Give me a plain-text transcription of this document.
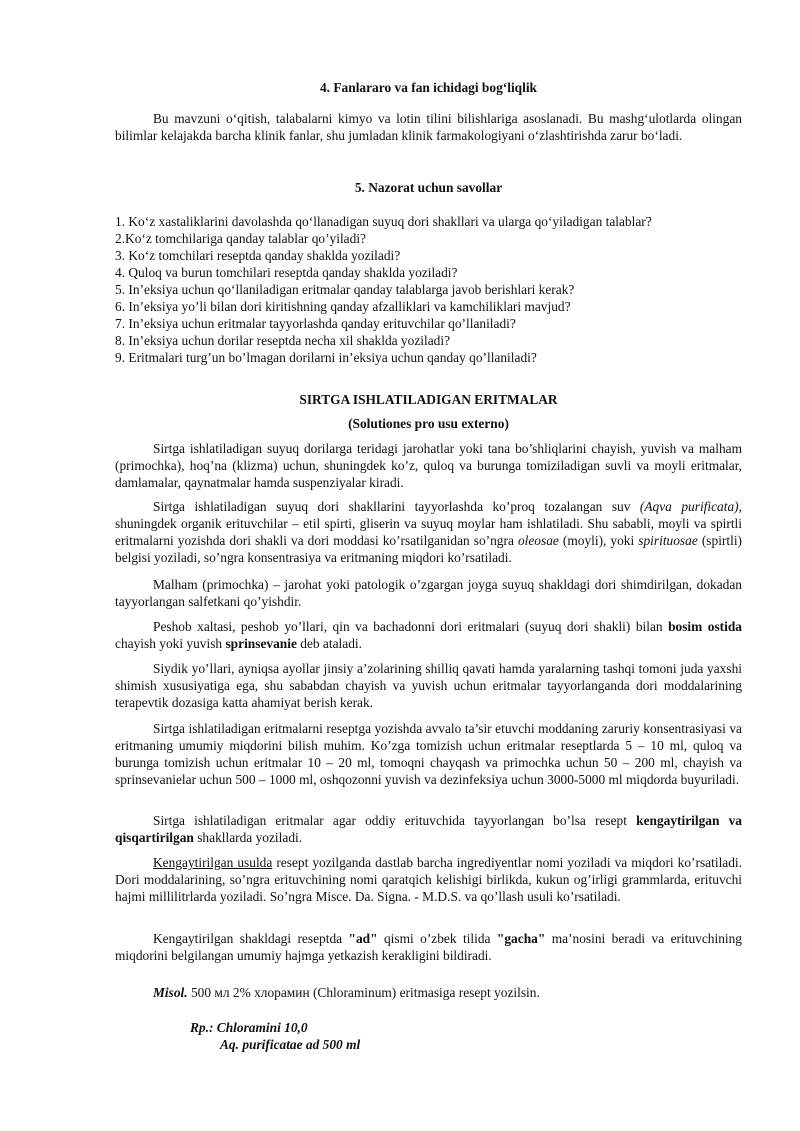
4. Fanlararo va fan ichidagi bog‘liqlik

Bu mavzuni o‘qitish, talabalarni kimyo va lotin tilini bilishlariga asoslanadi. Bu mashg‘ulotlarda olingan bilimlar kelajakda barcha klinik fanlar, shu jumladan klinik farmakologiyani o‘zlashtirishda zarur bo‘ladi.

5. Nazorat uchun savollar
1. Ko‘z xastaliklarini davolashda qo‘llanadigan suyuq dori shakllari va ularga qo‘yiladigan talablar?
2.Ko‘z tomchilariga qanday talablar qo’yiladi?
3. Ko‘z tomchilari reseptda qanday shaklda yoziladi?
4. Quloq va burun tomchilari reseptda qanday shaklda yoziladi?
5. In’eksiya uchun qo‘llaniladigan eritmalar qanday talablarga javob berishlari kerak?
6. In’eksiya yo’li bilan dori kiritishning qanday afzalliklari va kamchiliklari mavjud?
7. In’eksiya uchun eritmalar tayyorlashda qanday erituvchilar qo’llaniladi?
8. In’eksiya uchun dorilar reseptda necha xil shaklda yoziladi?
9. Eritmalari turg’un bo’lmagan dorilarni in’eksiya uchun qanday qo’llaniladi?
SIRTGA ISHLATILADIGAN ERITMALAR
(Solutiones pro usu externo)

Sirtga ishlatiladigan suyuq dorilarga teridagi jarohatlar yoki tana bo’shliqlarini chayish, yuvish va malham (primochka), hoq’na (klizma) uchun, shuningdek ko’z, quloq va burunga tomiziladigan suvli va moyli eritmalar, damlamalar, qaynatmalar hamda suspenziyalar kiradi.

Sirtga ishlatiladigan suyuq dori shakllarini tayyorlashda ko’proq tozalangan suv (Aqva purificata), shuningdek organik erituvchilar – etil spirti, gliserin va suyuq moylar ham ishlatiladi. Shu sababli, moyli va spirtli eritmalarni yozishda dori shakli va dori moddasi ko’rsatilganidan so’ngra oleosae (moyli), yoki spirituosae (spirtli) belgisi yoziladi, so’ngra konsentrasiya va eritmaning miqdori ko’rsatiladi.

Malham (primochka) – jarohat yoki patologik o’zgargan joyga suyuq shakldagi dori shimdirilgan, dokadan tayyorlangan salfetkani qo’yishdir.

Peshob xaltasi, peshob yo’llari, qin va bachadonni dori eritmalari (suyuq dori shakli) bilan bosim ostida chayish yoki yuvish sprinsevanie deb ataladi.

Siydik yo’llari, ayniqsa ayollar jinsiy a’zolarining shilliq qavati hamda yaralarning tashqi tomoni juda yaxshi shimish xususiyatiga ega, shu sababdan chayish va yuvish uchun eritmalar tayyorlanganda dori moddalarining terapevtik dozasiga katta ahamiyat berish kerak.

Sirtga ishlatiladigan eritmalarni reseptga yozishda avvalo ta’sir etuvchi moddaning zaruriy konsentrasiyasi va eritmaning umumiy miqdorini bilish muhim. Ko’zga tomizish uchun eritmalar reseptlarda 5 – 10 ml, quloq va burunga tomizish uchun eritmalar 10 – 20 ml, tomoqni chayqash va primochka uchun 50 – 200 ml, chayish va sprinsevanielar uchun 500 – 1000 ml, oshqozonni yuvish va dezinfeksiya uchun 3000-5000 ml miqdorda buyuriladi.

Sirtga ishlatiladigan eritmalar agar oddiy erituvchida tayyorlangan bo’lsa resept kengaytirilgan va qisqartirilgan shakllarda yoziladi.

Kengaytirilgan usulda resept yozilganda dastlab barcha ingrediyentlar nomi yoziladi va miqdori ko’rsatiladi. Dori moddalarining, so’ngra erituvchining nomi qaratqich kelishigi birlikda, kukun og’irligi grammlarda, erituvchi hajmi millilitrlarda yoziladi. So’ngra Misce. Da. Signa. - M.D.S. va qo’llash usuli ko’rsatiladi.

Kengaytirilgan shakldagi reseptda "ad" qismi o’zbek tilida "gacha" ma’nosini beradi va erituvchining miqdorini belgilangan umumiy hajmga yetkazish kerakligini bildiradi.

Misol. 500 мл 2% хлорамин (Chloraminum) eritmasiga resept yozilsin.

Rp.: Chloramini 10,0
Aq. purificatae ad 500 ml
